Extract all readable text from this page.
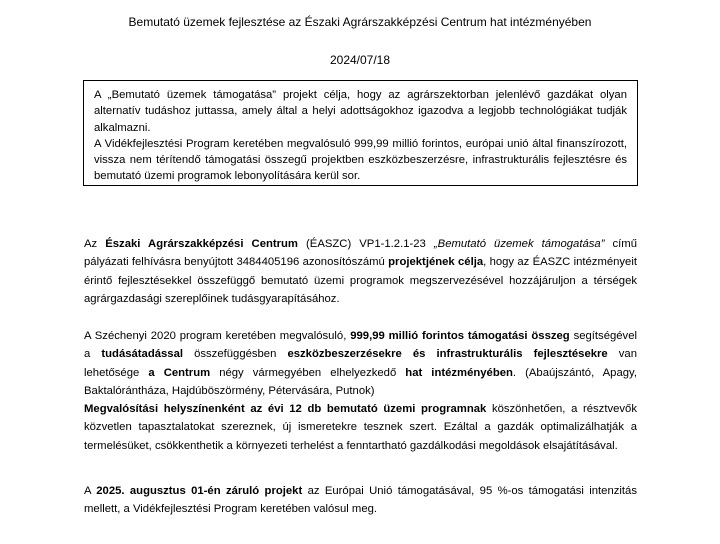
Bemutató üzemek fejlesztése az Északi Agrárszakképzési Centrum hat intézményében
2024/07/18

A „Bemutató üzemek támogatása” projekt célja, hogy az agrárszektorban jelenlévő gazdákat olyan alternatív tudáshoz juttassa, amely által a helyi adottságokhoz igazodva a legjobb technológiákat tudják alkalmazni.

A Vidékfejlesztési Program keretében megvalósuló 999,99 millió forintos, európai unió által finanszírozott, vissza nem térítendő támogatási összegű projektben eszközbeszerzésre, infrastrukturális fejlesztésre és bemutató üzemi programok lebonyolítására kerül sor.

Az Északi Agrárszakképzési Centrum (ÉASZC) VP1-1.2.1-23 „Bemutató üzemek támogatása” című pályázati felhívásra benyújtott 3484405196 azonosítószámú projektjének célja, hogy az ÉASZC intézményeit érintő fejlesztésekkel összefüggő bemutató üzemi programok megszervezésével hozzájáruljon a térségek agrárgazdasági szereplőinek tudásgyarapításához.

A Széchenyi 2020 program keretében megvalósuló, 999,99 millió forintos támogatási összeg segítségével a tudásátadással összefüggésben eszközbeszerzésekre és infrastrukturális fejlesztésekre van lehetősége a Centrum négy vármegyében elhelyezkedő hat intézményében. (Abaújszántó, Apagy, Baktalórántháza, Hajdúböszörmény, Pétervására, Putnok)

Megvalósítási helyszínenként az évi 12 db bemutató üzemi programnak köszönhetően, a résztvevők közvetlen tapasztalatokat szereznek, új ismeretekre tesznek szert. Ezáltal a gazdák optimalizálhatják a termelésüket, csökkenthetik a környezeti terhelést a fenntartható gazdálkodási megoldások elsajátításával.

A 2025. augusztus 01-én záruló projekt az Európai Unió támogatásával, 95 %-os támogatási intenzitás mellett, a Vidékfejlesztési Program keretében valósul meg.
